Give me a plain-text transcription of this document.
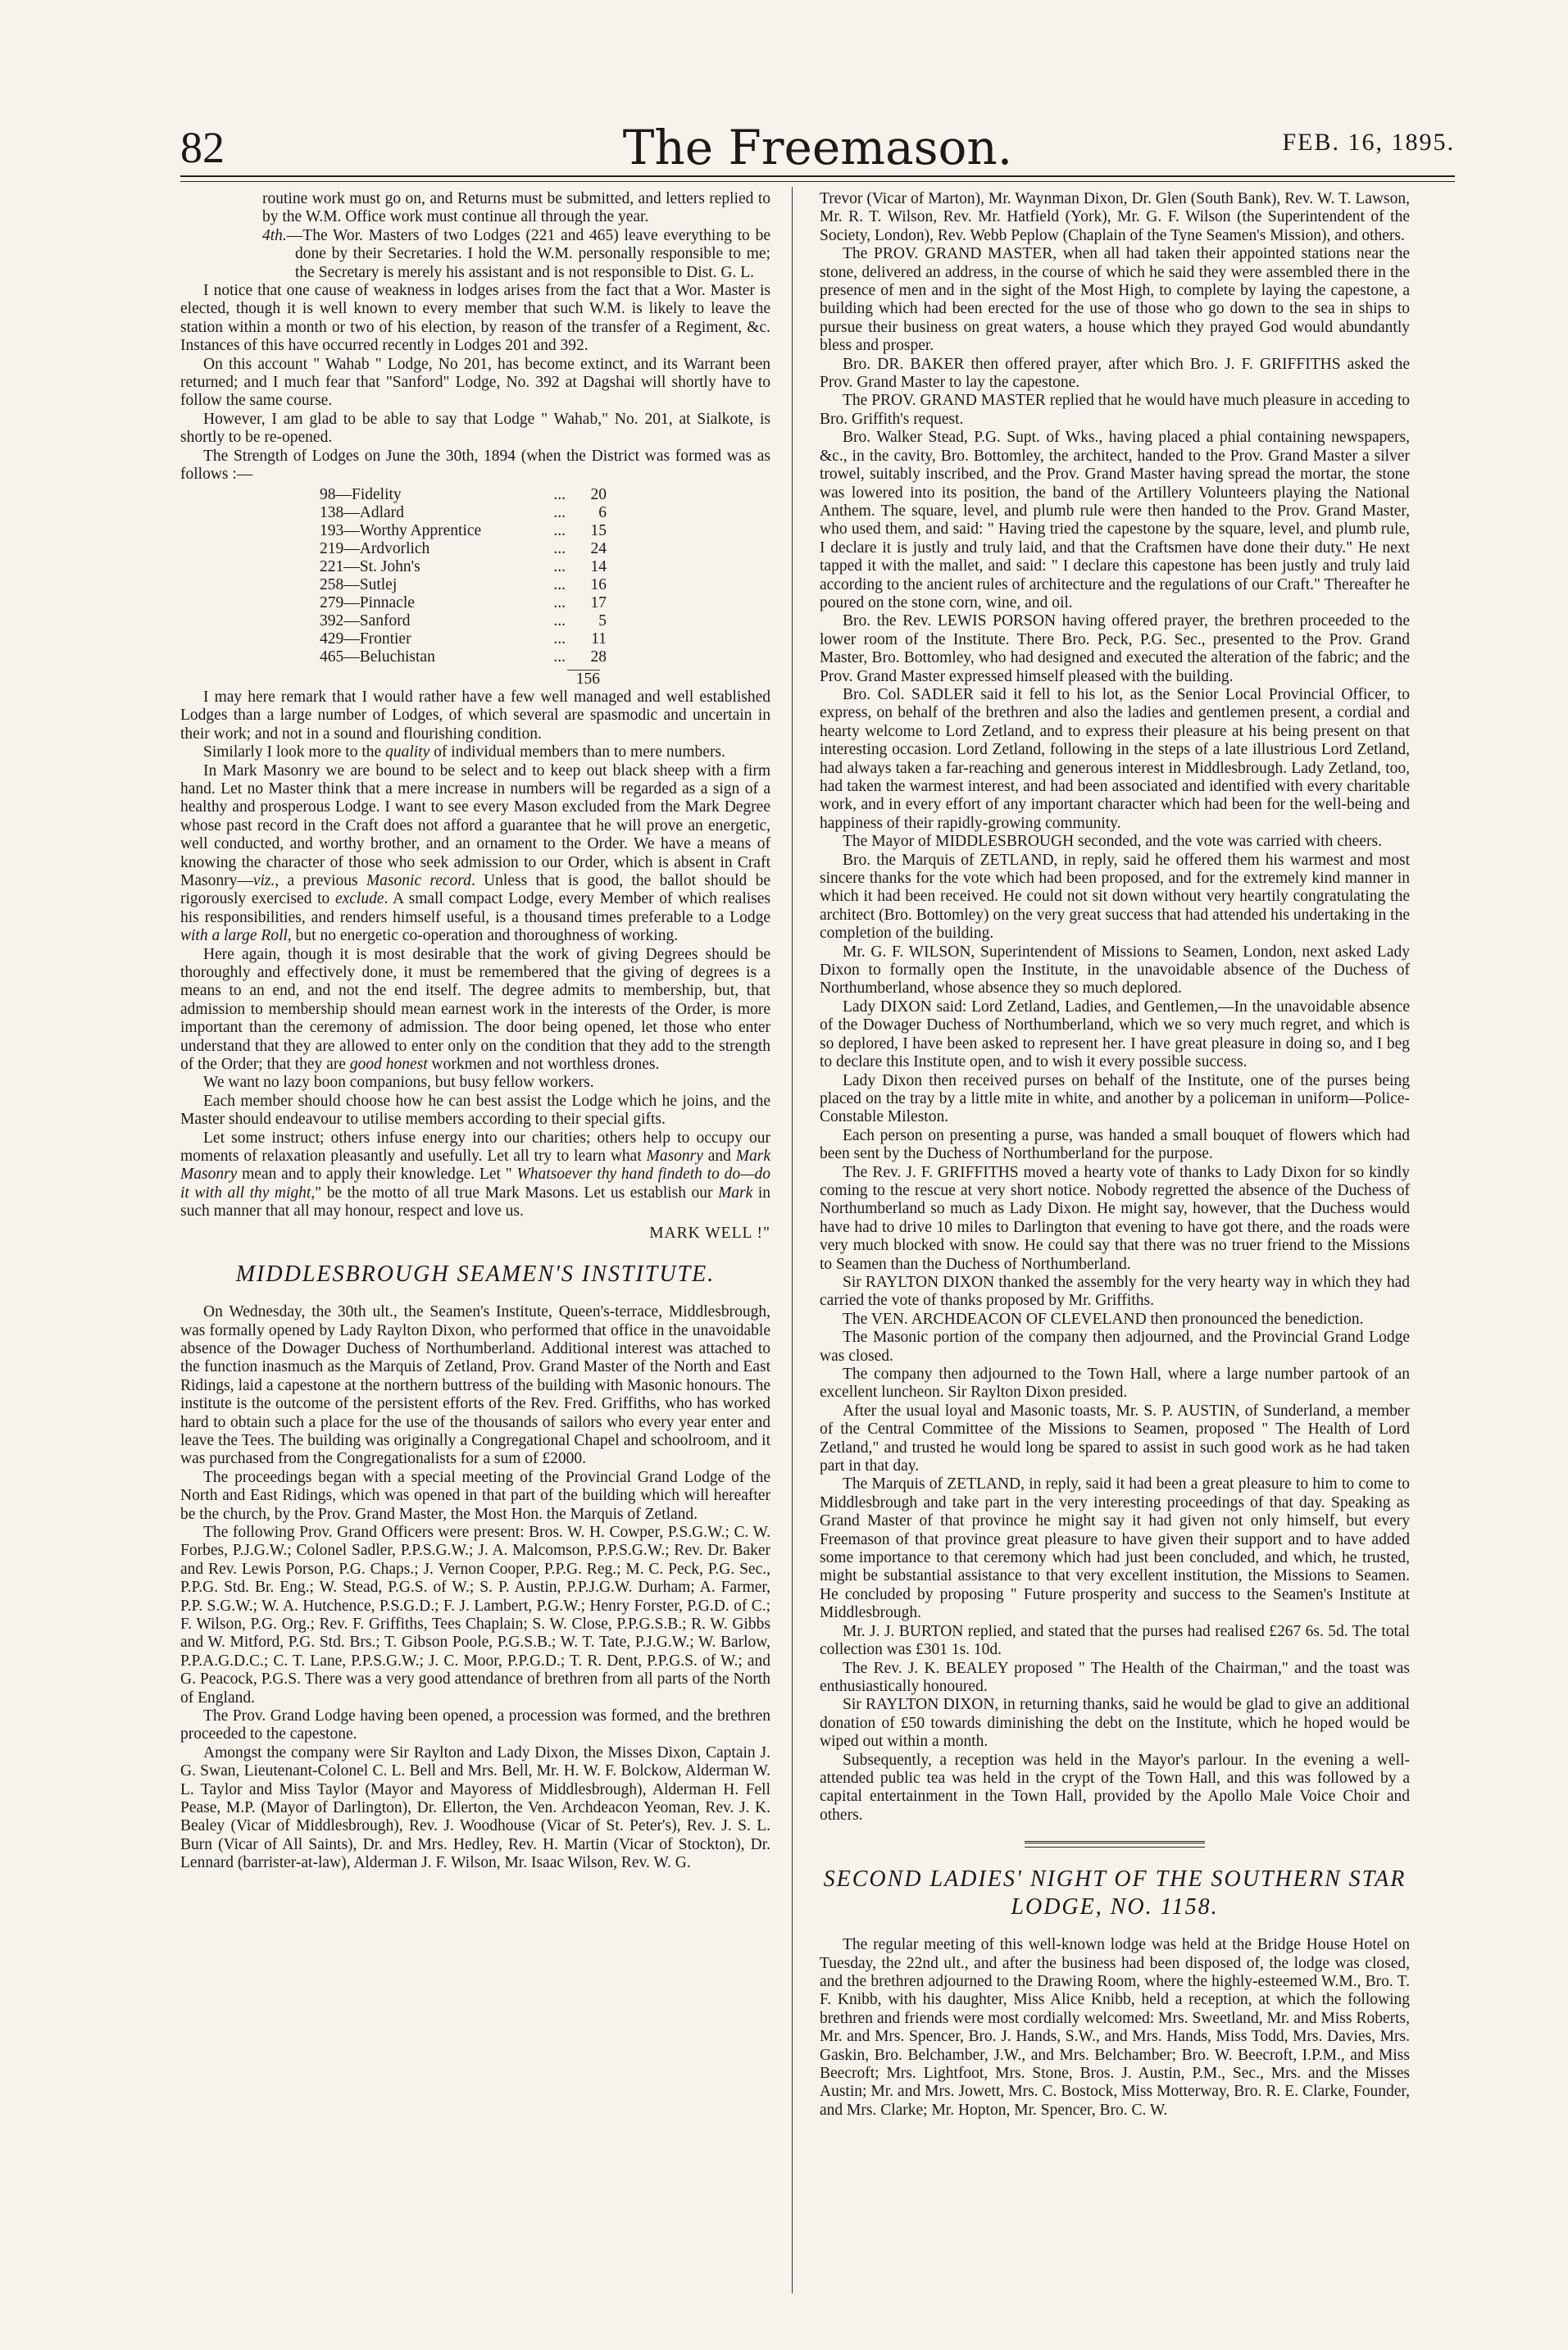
82	The Freemason.	FEB. 16, 1895.

routine work must go on, and Returns must be submitted, and letters replied to by the W.M. Office work must continue all through the year.

4th.—The Wor. Masters of two Lodges (221 and 465) leave everything to be done by their Secretaries. I hold the W.M. personally responsible to me; the Secretary is merely his assistant and is not responsible to Dist. G. L.

I notice that one cause of weakness in lodges arises from the fact that a Wor. Master is elected, though it is well known to every member that such W.M. is likely to leave the station within a month or two of his election, by reason of the transfer of a Regiment, &c. Instances of this have occurred recently in Lodges 201 and 392.

On this account " Wahab " Lodge, No 201, has become extinct, and its Warrant been returned; and I much fear that "Sanford" Lodge, No. 392 at Dagshai will shortly have to follow the same course.

However, I am glad to be able to say that Lodge " Wahab," No. 201, at Sialkote, is shortly to be re-opened.

The Strength of Lodges on June the 30th, 1894 (when the District was formed was as follows :—

98—Fidelity	...	20
138—Adlard	...	6
193—Worthy Apprentice	...	15
219—Ardvorlich	...	24
221—St. John's	...	14
258—Sutlej	...	16
279—Pinnacle	...	17
392—Sanford	...	5
429—Frontier	...	11
465—Beluchistan	...	28
156

I may here remark that I would rather have a few well managed and well established Lodges than a large number of Lodges, of which several are spasmodic and uncertain in their work; and not in a sound and flourishing condition.

Similarly I look more to the quality of individual members than to mere numbers.

In Mark Masonry we are bound to be select and to keep out black sheep with a firm hand. Let no Master think that a mere increase in numbers will be regarded as a sign of a healthy and prosperous Lodge. I want to see every Mason excluded from the Mark Degree whose past record in the Craft does not afford a guarantee that he will prove an energetic, well conducted, and worthy brother, and an ornament to the Order. We have a means of knowing the character of those who seek admission to our Order, which is absent in Craft Masonry—viz., a previous Masonic record. Unless that is good, the ballot should be rigorously exercised to exclude. A small compact Lodge, every Member of which realises his responsibilities, and renders himself useful, is a thousand times preferable to a Lodge with a large Roll, but no energetic co-operation and thoroughness of working.

Here again, though it is most desirable that the work of giving Degrees should be thoroughly and effectively done, it must be remembered that the giving of degrees is a means to an end, and not the end itself. The degree admits to membership, but, that admission to membership should mean earnest work in the interests of the Order, is more important than the ceremony of admission. The door being opened, let those who enter understand that they are allowed to enter only on the condition that they add to the strength of the Order; that they are good honest workmen and not worthless drones.

We want no lazy boon companions, but busy fellow workers.

Each member should choose how he can best assist the Lodge which he joins, and the Master should endeavour to utilise members according to their special gifts.

Let some instruct; others infuse energy into our charities; others help to occupy our moments of relaxation pleasantly and usefully. Let all try to learn what Masonry and Mark Masonry mean and to apply their knowledge. Let " Whatsoever thy hand findeth to do—do it with all thy might," be the motto of all true Mark Masons. Let us establish our Mark in such manner that all may honour, respect and love us.

MARK WELL !"
MIDDLESBROUGH SEAMEN'S INSTITUTE.

On Wednesday, the 30th ult., the Seamen's Institute, Queen's-terrace, Middlesbrough, was formally opened by Lady Raylton Dixon, who performed that office in the unavoidable absence of the Dowager Duchess of Northumberland. Additional interest was attached to the function inasmuch as the Marquis of Zetland, Prov. Grand Master of the North and East Ridings, laid a capestone at the northern buttress of the building with Masonic honours. The institute is the outcome of the persistent efforts of the Rev. Fred. Griffiths, who has worked hard to obtain such a place for the use of the thousands of sailors who every year enter and leave the Tees. The building was originally a Congregational Chapel and schoolroom, and it was purchased from the Congregationalists for a sum of £2000.

The proceedings began with a special meeting of the Provincial Grand Lodge of the North and East Ridings, which was opened in that part of the building which will hereafter be the church, by the Prov. Grand Master, the Most Hon. the Marquis of Zetland.

The following Prov. Grand Officers were present: Bros. W. H. Cowper, P.S.G.W.; C. W. Forbes, P.J.G.W.; Colonel Sadler, P.P.S.G.W.; J. A. Malcomson, P.P.S.G.W.; Rev. Dr. Baker and Rev. Lewis Porson, P.G. Chaps.; J. Vernon Cooper, P.P.G. Reg.; M. C. Peck, P.G. Sec., P.P.G. Std. Br. Eng.; W. Stead, P.G.S. of W.; S. P. Austin, P.P.J.G.W. Durham; A. Farmer, P.P. S.G.W.; W. A. Hutchence, P.S.G.D.; F. J. Lambert, P.G.W.; Henry Forster, P.G.D. of C.; F. Wilson, P.G. Org.; Rev. F. Griffiths, Tees Chaplain; S. W. Close, P.P.G.S.B.; R. W. Gibbs and W. Mitford, P.G. Std. Brs.; T. Gibson Poole, P.G.S.B.; W. T. Tate, P.J.G.W.; W. Barlow, P.P.A.G.D.C.; C. T. Lane, P.P.S.G.W.; J. C. Moor, P.P.G.D.; T. R. Dent, P.P.G.S. of W.; and G. Peacock, P.G.S. There was a very good attendance of brethren from all parts of the North of England.

The Prov. Grand Lodge having been opened, a procession was formed, and the brethren proceeded to the capestone.

Amongst the company were Sir Raylton and Lady Dixon, the Misses Dixon, Captain J. G. Swan, Lieutenant-Colonel C. L. Bell and Mrs. Bell, Mr. H. W. F. Bolckow, Alderman W. L. Taylor and Miss Taylor (Mayor and Mayoress of Middlesbrough), Alderman H. Fell Pease, M.P. (Mayor of Darlington), Dr. Ellerton, the Ven. Archdeacon Yeoman, Rev. J. K. Bealey (Vicar of Middlesbrough), Rev. J. Woodhouse (Vicar of St. Peter's), Rev. J. S. L. Burn (Vicar of All Saints), Dr. and Mrs. Hedley, Rev. H. Martin (Vicar of Stockton), Dr. Lennard (barrister-at-law), Alderman J. F. Wilson, Mr. Isaac Wilson, Rev. W. G.

Trevor (Vicar of Marton), Mr. Waynman Dixon, Dr. Glen (South Bank), Rev. W. T. Lawson, Mr. R. T. Wilson, Rev. Mr. Hatfield (York), Mr. G. F. Wilson (the Superintendent of the Society, London), Rev. Webb Peplow (Chaplain of the Tyne Seamen's Mission), and others.

The PROV. GRAND MASTER, when all had taken their appointed stations near the stone, delivered an address, in the course of which he said they were assembled there in the presence of men and in the sight of the Most High, to complete by laying the capestone, a building which had been erected for the use of those who go down to the sea in ships to pursue their business on great waters, a house which they prayed God would abundantly bless and prosper.

Bro. DR. BAKER then offered prayer, after which Bro. J. F. GRIFFITHS asked the Prov. Grand Master to lay the capestone.

The PROV. GRAND MASTER replied that he would have much pleasure in acceding to Bro. Griffith's request.

Bro. Walker Stead, P.G. Supt. of Wks., having placed a phial containing newspapers, &c., in the cavity, Bro. Bottomley, the architect, handed to the Prov. Grand Master a silver trowel, suitably inscribed, and the Prov. Grand Master having spread the mortar, the stone was lowered into its position, the band of the Artillery Volunteers playing the National Anthem. The square, level, and plumb rule were then handed to the Prov. Grand Master, who used them, and said: " Having tried the capestone by the square, level, and plumb rule, I declare it is justly and truly laid, and that the Craftsmen have done their duty." He next tapped it with the mallet, and said: " I declare this capestone has been justly and truly laid according to the ancient rules of architecture and the regulations of our Craft." Thereafter he poured on the stone corn, wine, and oil.

Bro. the Rev. LEWIS PORSON having offered prayer, the brethren proceeded to the lower room of the Institute. There Bro. Peck, P.G. Sec., presented to the Prov. Grand Master, Bro. Bottomley, who had designed and executed the alteration of the fabric; and the Prov. Grand Master expressed himself pleased with the building.

Bro. Col. SADLER said it fell to his lot, as the Senior Local Provincial Officer, to express, on behalf of the brethren and also the ladies and gentlemen present, a cordial and hearty welcome to Lord Zetland, and to express their pleasure at his being present on that interesting occasion. Lord Zetland, following in the steps of a late illustrious Lord Zetland, had always taken a far-reaching and generous interest in Middlesbrough. Lady Zetland, too, had taken the warmest interest, and had been associated and identified with every charitable work, and in every effort of any important character which had been for the well-being and happiness of their rapidly-growing community.

The Mayor of MIDDLESBROUGH seconded, and the vote was carried with cheers.

Bro. the Marquis of ZETLAND, in reply, said he offered them his warmest and most sincere thanks for the vote which had been proposed, and for the extremely kind manner in which it had been received. He could not sit down without very heartily congratulating the architect (Bro. Bottomley) on the very great success that had attended his undertaking in the completion of the building.

Mr. G. F. WILSON, Superintendent of Missions to Seamen, London, next asked Lady Dixon to formally open the Institute, in the unavoidable absence of the Duchess of Northumberland, whose absence they so much deplored.

Lady DIXON said: Lord Zetland, Ladies, and Gentlemen,—In the unavoidable absence of the Dowager Duchess of Northumberland, which we so very much regret, and which is so deplored, I have been asked to represent her. I have great pleasure in doing so, and I beg to declare this Institute open, and to wish it every possible success.

Lady Dixon then received purses on behalf of the Institute, one of the purses being placed on the tray by a little mite in white, and another by a policeman in uniform—Police-Constable Mileston.

Each person on presenting a purse, was handed a small bouquet of flowers which had been sent by the Duchess of Northumberland for the purpose.

The Rev. J. F. GRIFFITHS moved a hearty vote of thanks to Lady Dixon for so kindly coming to the rescue at very short notice. Nobody regretted the absence of the Duchess of Northumberland so much as Lady Dixon. He might say, however, that the Duchess would have had to drive 10 miles to Darlington that evening to have got there, and the roads were very much blocked with snow. He could say that there was no truer friend to the Missions to Seamen than the Duchess of Northumberland.

Sir RAYLTON DIXON thanked the assembly for the very hearty way in which they had carried the vote of thanks proposed by Mr. Griffiths.

The VEN. ARCHDEACON OF CLEVELAND then pronounced the benediction.

The Masonic portion of the company then adjourned, and the Provincial Grand Lodge was closed.

The company then adjourned to the Town Hall, where a large number partook of an excellent luncheon. Sir Raylton Dixon presided.

After the usual loyal and Masonic toasts, Mr. S. P. AUSTIN, of Sunderland, a member of the Central Committee of the Missions to Seamen, proposed " The Health of Lord Zetland," and trusted he would long be spared to assist in such good work as he had taken part in that day.

The Marquis of ZETLAND, in reply, said it had been a great pleasure to him to come to Middlesbrough and take part in the very interesting proceedings of that day. Speaking as Grand Master of that province he might say it had given not only himself, but every Freemason of that province great pleasure to have given their support and to have added some importance to that ceremony which had just been concluded, and which, he trusted, might be substantial assistance to that very excellent institution, the Missions to Seamen. He concluded by proposing " Future prosperity and success to the Seamen's Institute at Middlesbrough.

Mr. J. J. BURTON replied, and stated that the purses had realised £267 6s. 5d. The total collection was £301 1s. 10d.

The Rev. J. K. BEALEY proposed " The Health of the Chairman," and the toast was enthusiastically honoured.

Sir RAYLTON DIXON, in returning thanks, said he would be glad to give an additional donation of £50 towards diminishing the debt on the Institute, which he hoped would be wiped out within a month.

Subsequently, a reception was held in the Mayor's parlour. In the evening a well-attended public tea was held in the crypt of the Town Hall, and this was followed by a capital entertainment in the Town Hall, provided by the Apollo Male Voice Choir and others.

SECOND LADIES' NIGHT OF THE SOUTHERN STAR LODGE, NO. 1158.

The regular meeting of this well-known lodge was held at the Bridge House Hotel on Tuesday, the 22nd ult., and after the business had been disposed of, the lodge was closed, and the brethren adjourned to the Drawing Room, where the highly-esteemed W.M., Bro. T. F. Knibb, with his daughter, Miss Alice Knibb, held a reception, at which the following brethren and friends were most cordially welcomed: Mrs. Sweetland, Mr. and Miss Roberts, Mr. and Mrs. Spencer, Bro. J. Hands, S.W., and Mrs. Hands, Miss Todd, Mrs. Davies, Mrs. Gaskin, Bro. Belchamber, J.W., and Mrs. Belchamber; Bro. W. Beecroft, I.P.M., and Miss Beecroft; Mrs. Lightfoot, Mrs. Stone, Bros. J. Austin, P.M., Sec., Mrs. and the Misses Austin; Mr. and Mrs. Jowett, Mrs. C. Bostock, Miss Motterway, Bro. R. E. Clarke, Founder, and Mrs. Clarke; Mr. Hopton, Mr. Spencer, Bro. C. W.
